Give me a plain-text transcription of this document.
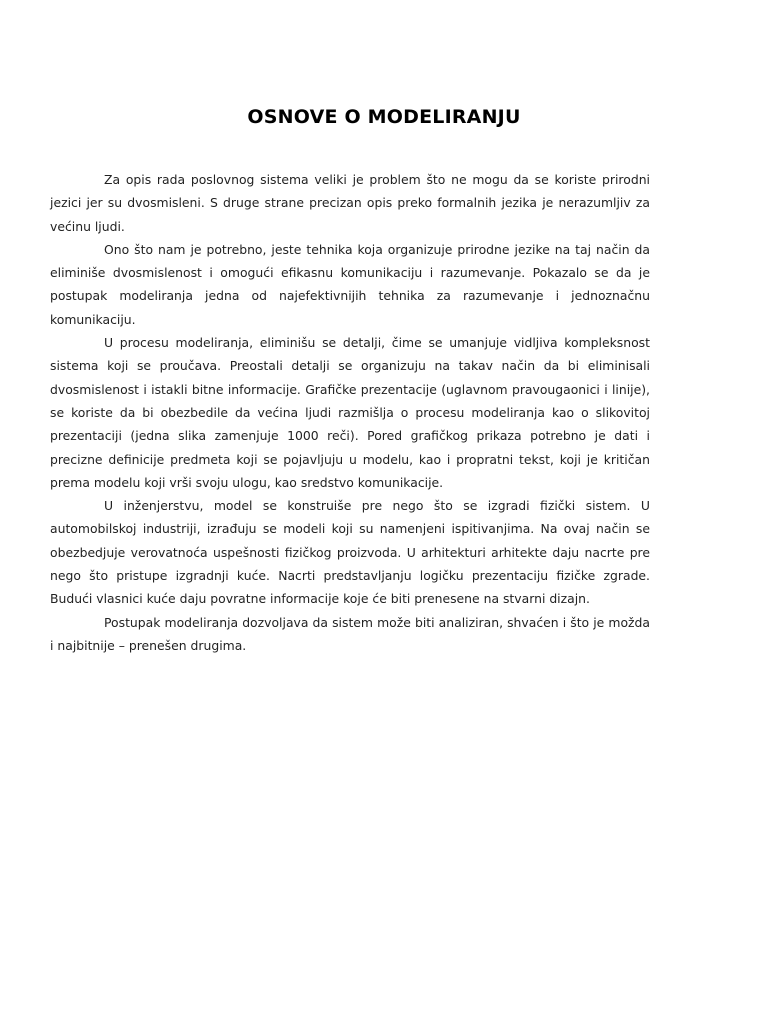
OSNOVE O MODELIRANJU

Za opis rada poslovnog sistema veliki je problem što ne mogu da se koriste prirodni jezici jer su dvosmisleni. S druge strane precizan opis preko formalnih jezika je nerazumljiv za većinu ljudi.

Ono što nam je potrebno, jeste tehnika koja organizuje prirodne jezike na taj način da eliminiše dvosmislenost i omogući efikasnu komunikaciju i razumevanje. Pokazalo se da je postupak modeliranja jedna od najefektivnijih tehnika za razumevanje i jednoznačnu komunikaciju.

U procesu modeliranja, eliminišu se detalji, čime se umanjuje vidljiva kompleksnost sistema koji se proučava. Preostali detalji se organizuju na takav način da bi eliminisali dvosmislenost i istakli bitne informacije. Grafičke prezentacije (uglavnom pravougaonici i linije), se koriste da bi obezbedile da većina ljudi razmišlja o procesu modeliranja kao o slikovitoj prezentaciji (jedna slika zamenjuje 1000 reči). Pored grafičkog prikaza potrebno je dati i precizne definicije predmeta koji se pojavljuju u modelu, kao i propratni tekst, koji je kritičan prema modelu koji vrši svoju ulogu, kao sredstvo komunikacije.

U inženjerstvu, model se konstruiše pre nego što se izgradi fizički sistem. U automobilskoj industriji, izrađuju se modeli koji su namenjeni ispitivanjima. Na ovaj način se obezbedjuje verovatnoća uspešnosti fizičkog proizvoda. U arhitekturi arhitekte daju nacrte pre nego što pristupe izgradnji kuće. Nacrti predstavljanju logičku prezentaciju fizičke zgrade. Budući vlasnici kuće daju povratne informacije koje će biti prenesene na stvarni dizajn.

Postupak modeliranja dozvoljava da sistem može biti analiziran, shvaćen i što je možda i najbitnije – prenešen drugima.
